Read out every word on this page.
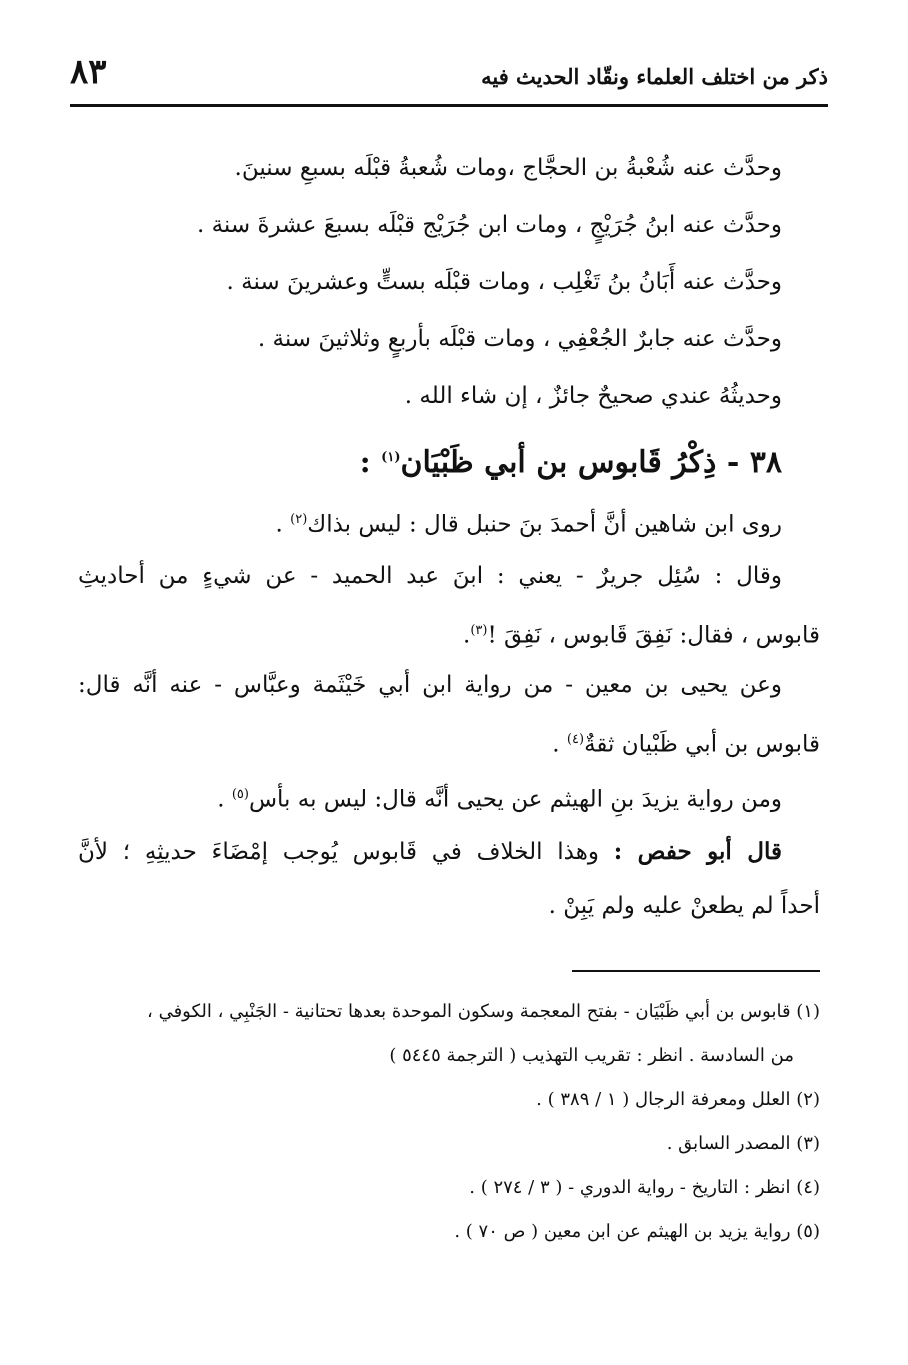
ذكر من اختلف العلماء ونقّاد الحديث فيه
٨٣

وحدَّث عنه شُعْبةُ بن الحجَّاج ،ومات شُعبةُ قبْلَه بسبعِ سنينَ.

وحدَّث عنه ابنُ جُرَيْجٍ ، ومات ابن جُرَيْج قبْلَه بسبعَ عشرةَ سنة .

وحدَّث عنه أَبَانُ بنُ تَغْلِب ، ومات قبْلَه بستٍّ وعشرينَ سنة .

وحدَّث عنه جابرٌ الجُعْفِي ، ومات قبْلَه بأربعٍ وثلاثينَ سنة .

وحديثُهُ عندي صحيحٌ جائزٌ ، إن شاء الله .

٣٨ - ذِكْرُ قَابوس بن أبي ظَبْيَان$^{(١)}$ :

روى ابن شاهين أنَّ أحمدَ بنَ حنبل قال : ليس بذاك$^{(٢)}$ .

وقال : سُئِل جريرٌ - يعني : ابنَ عبد الحميد - عن شيءٍ من أحاديثِ

قابوس ، فقال: نَفِقَ قَابوس ، نَفِقَ !$^{(٣)}$.

وعن يحيى بن معين - من رواية ابن أبي خَيْثَمة وعبَّاس - عنه أنَّه قال:

قابوس بن أبي ظَبْيان ثقةٌ$^{(٤)}$ .

ومن رواية يزيدَ بنِ الهيثم عن يحيى أنَّه قال: ليس به بأس$^{(٥)}$ .

قال أبو حفص : وهذا الخلاف في قَابوس يُوجب إمْضَاءَ حديثِهِ ؛ لأنَّ

أحداً لم يطعنْ عليه ولم يَبِنْ .

(١) قابوس بن أبي ظَبْيَان - بفتح المعجمة وسكون الموحدة بعدها تحتانية - الجَنْبِي ، الكوفي ،
من السادسة . انظر : تقريب التهذيب ( الترجمة ٥٤٤٥ )
(٢) العلل ومعرفة الرجال ( ١ / ٣٨٩ ) .
(٣) المصدر السابق .
(٤) انظر : التاريخ - رواية الدوري - ( ٣ / ٢٧٤ ) .
(٥) رواية يزيد بن الهيثم عن ابن معين ( ص ٧٠ ) .
